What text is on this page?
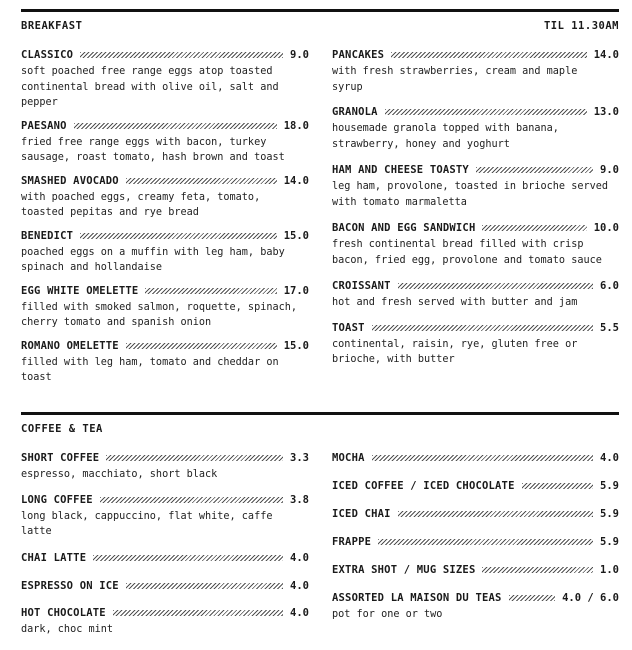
BREAKFAST	TIL 11.30AM
CLASSICO	9.0
soft poached free range eggs atop toasted continental bread with olive oil, salt and pepper
PAESANO	18.0
fried free range eggs with bacon, turkey sausage, roast tomato, hash brown and toast
SMASHED AVOCADO	14.0
with poached eggs, creamy feta, tomato, toasted pepitas and rye bread
BENEDICT	15.0
poached eggs on a muffin with leg ham, baby spinach and hollandaise
EGG WHITE OMELETTE	17.0
filled with smoked salmon, roquette, spinach, cherry tomato and spanish onion
ROMANO OMELETTE	15.0
filled with leg ham, tomato and cheddar on toast
PANCAKES	14.0
with fresh strawberries, cream and maple syrup
GRANOLA	13.0
housemade granola topped with banana, strawberry, honey and yoghurt
HAM AND CHEESE TOASTY	9.0
leg ham, provolone, toasted in brioche served with tomato marmaletta
BACON AND EGG SANDWICH	10.0
fresh continental bread filled with crisp bacon, fried egg, provolone and tomato sauce
CROISSANT	6.0
hot and fresh served with butter and jam
TOAST	5.5
continental, raisin, rye, gluten free or brioche, with butter
COFFEE & TEA
SHORT COFFEE	3.3
espresso, macchiato, short black
LONG COFFEE	3.8
long black, cappuccino, flat white, caffe latte
CHAI LATTE	4.0
ESPRESSO ON ICE	4.0
HOT CHOCOLATE	4.0
dark, choc mint
MOCHA	4.0
ICED COFFEE / ICED CHOCOLATE	5.9
ICED CHAI	5.9
FRAPPE	5.9
EXTRA SHOT / MUG SIZES	1.0
ASSORTED LA MAISON DU TEAS	4.0 / 6.0
pot for one or two
